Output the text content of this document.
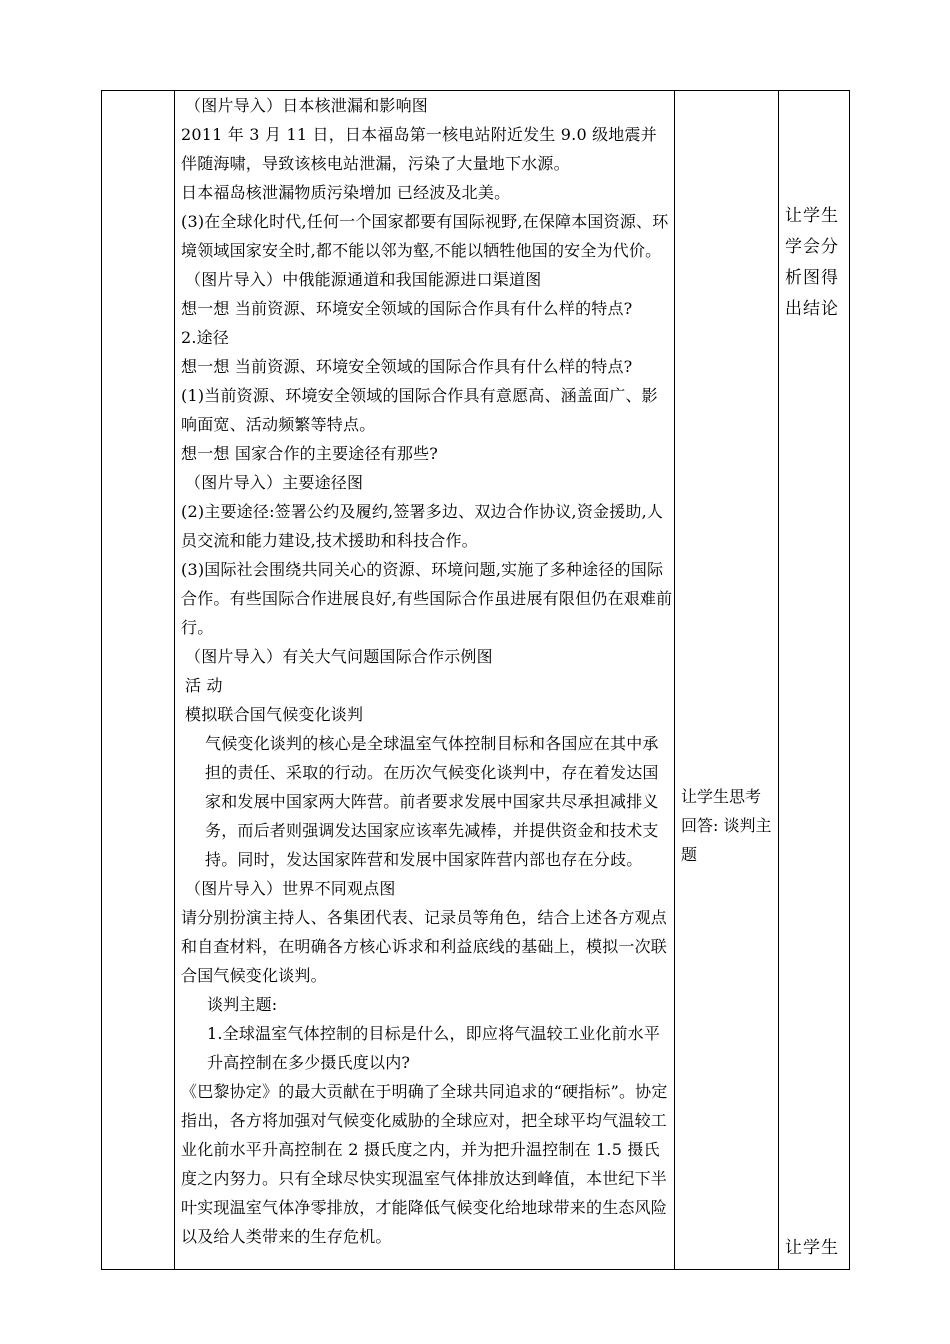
（图片导入）日本核泄漏和影响图

2011 年 3 月 11 日，日本福岛第一核电站附近发生 9.0 级地震并伴随海啸，导致该核电站泄漏，污染了大量地下水源。

日本福岛核泄漏物质污染增加 已经波及北美。

(3)在全球化时代,任何一个国家都要有国际视野,在保障本国资源、环境领域国家安全时,都不能以邻为壑,不能以牺牲他国的安全为代价。

（图片导入）中俄能源通道和我国能源进口渠道图

想一想 当前资源、环境安全领域的国际合作具有什么样的特点?

2.途径

想一想 当前资源、环境安全领域的国际合作具有什么样的特点?

(1)当前资源、环境安全领域的国际合作具有意愿高、涵盖面广、影响面宽、活动频繁等特点。

想一想 国家合作的主要途径有那些?

（图片导入）主要途径图

(2)主要途径:签署公约及履约,签署多边、双边合作协议,资金援助,人员交流和能力建设,技术援助和科技合作。

(3)国际社会围绕共同关心的资源、环境问题,实施了多种途径的国际合作。有些国际合作进展良好,有些国际合作虽进展有限但仍在艰难前行。

（图片导入）有关大气问题国际合作示例图

活 动

模拟联合国气候变化谈判

气候变化谈判的核心是全球温室气体控制目标和各国应在其中承担的责任、采取的行动。在历次气候变化谈判中，存在着发达国家和发展中国家两大阵营。前者要求发展中国家共尽承担减排义务，而后者则强调发达国家应该率先减棒，并提供资金和技术支持。同时，发达国家阵营和发展中国家阵营内部也存在分歧。

（图片导入）世界不同观点图

请分别扮演主持人、各集团代表、记录员等角色，结合上述各方观点和自查材料，在明确各方核心诉求和利益底线的基础上，模拟一次联合国气候变化谈判。

谈判主题:

1.全球温室气体控制的目标是什么，即应将气温较工业化前水平升高控制在多少摄氏度以内?

《巴黎协定》的最大贡献在于明确了全球共同追求的“硬指标”。协定指出，各方将加强对气候变化威胁的全球应对，把全球平均气温较工业化前水平升高控制在 2 摄氏度之内，并为把升温控制在 1.5 摄氏度之内努力。只有全球尽快实现温室气体排放达到峰值，本世纪下半叶实现温室气体净零排放，才能降低气候变化给地球带来的生态风险以及给人类带来的生存危机。

让学生思考回答: 谈判主题
让学生学会分析图得出结论
让学生
